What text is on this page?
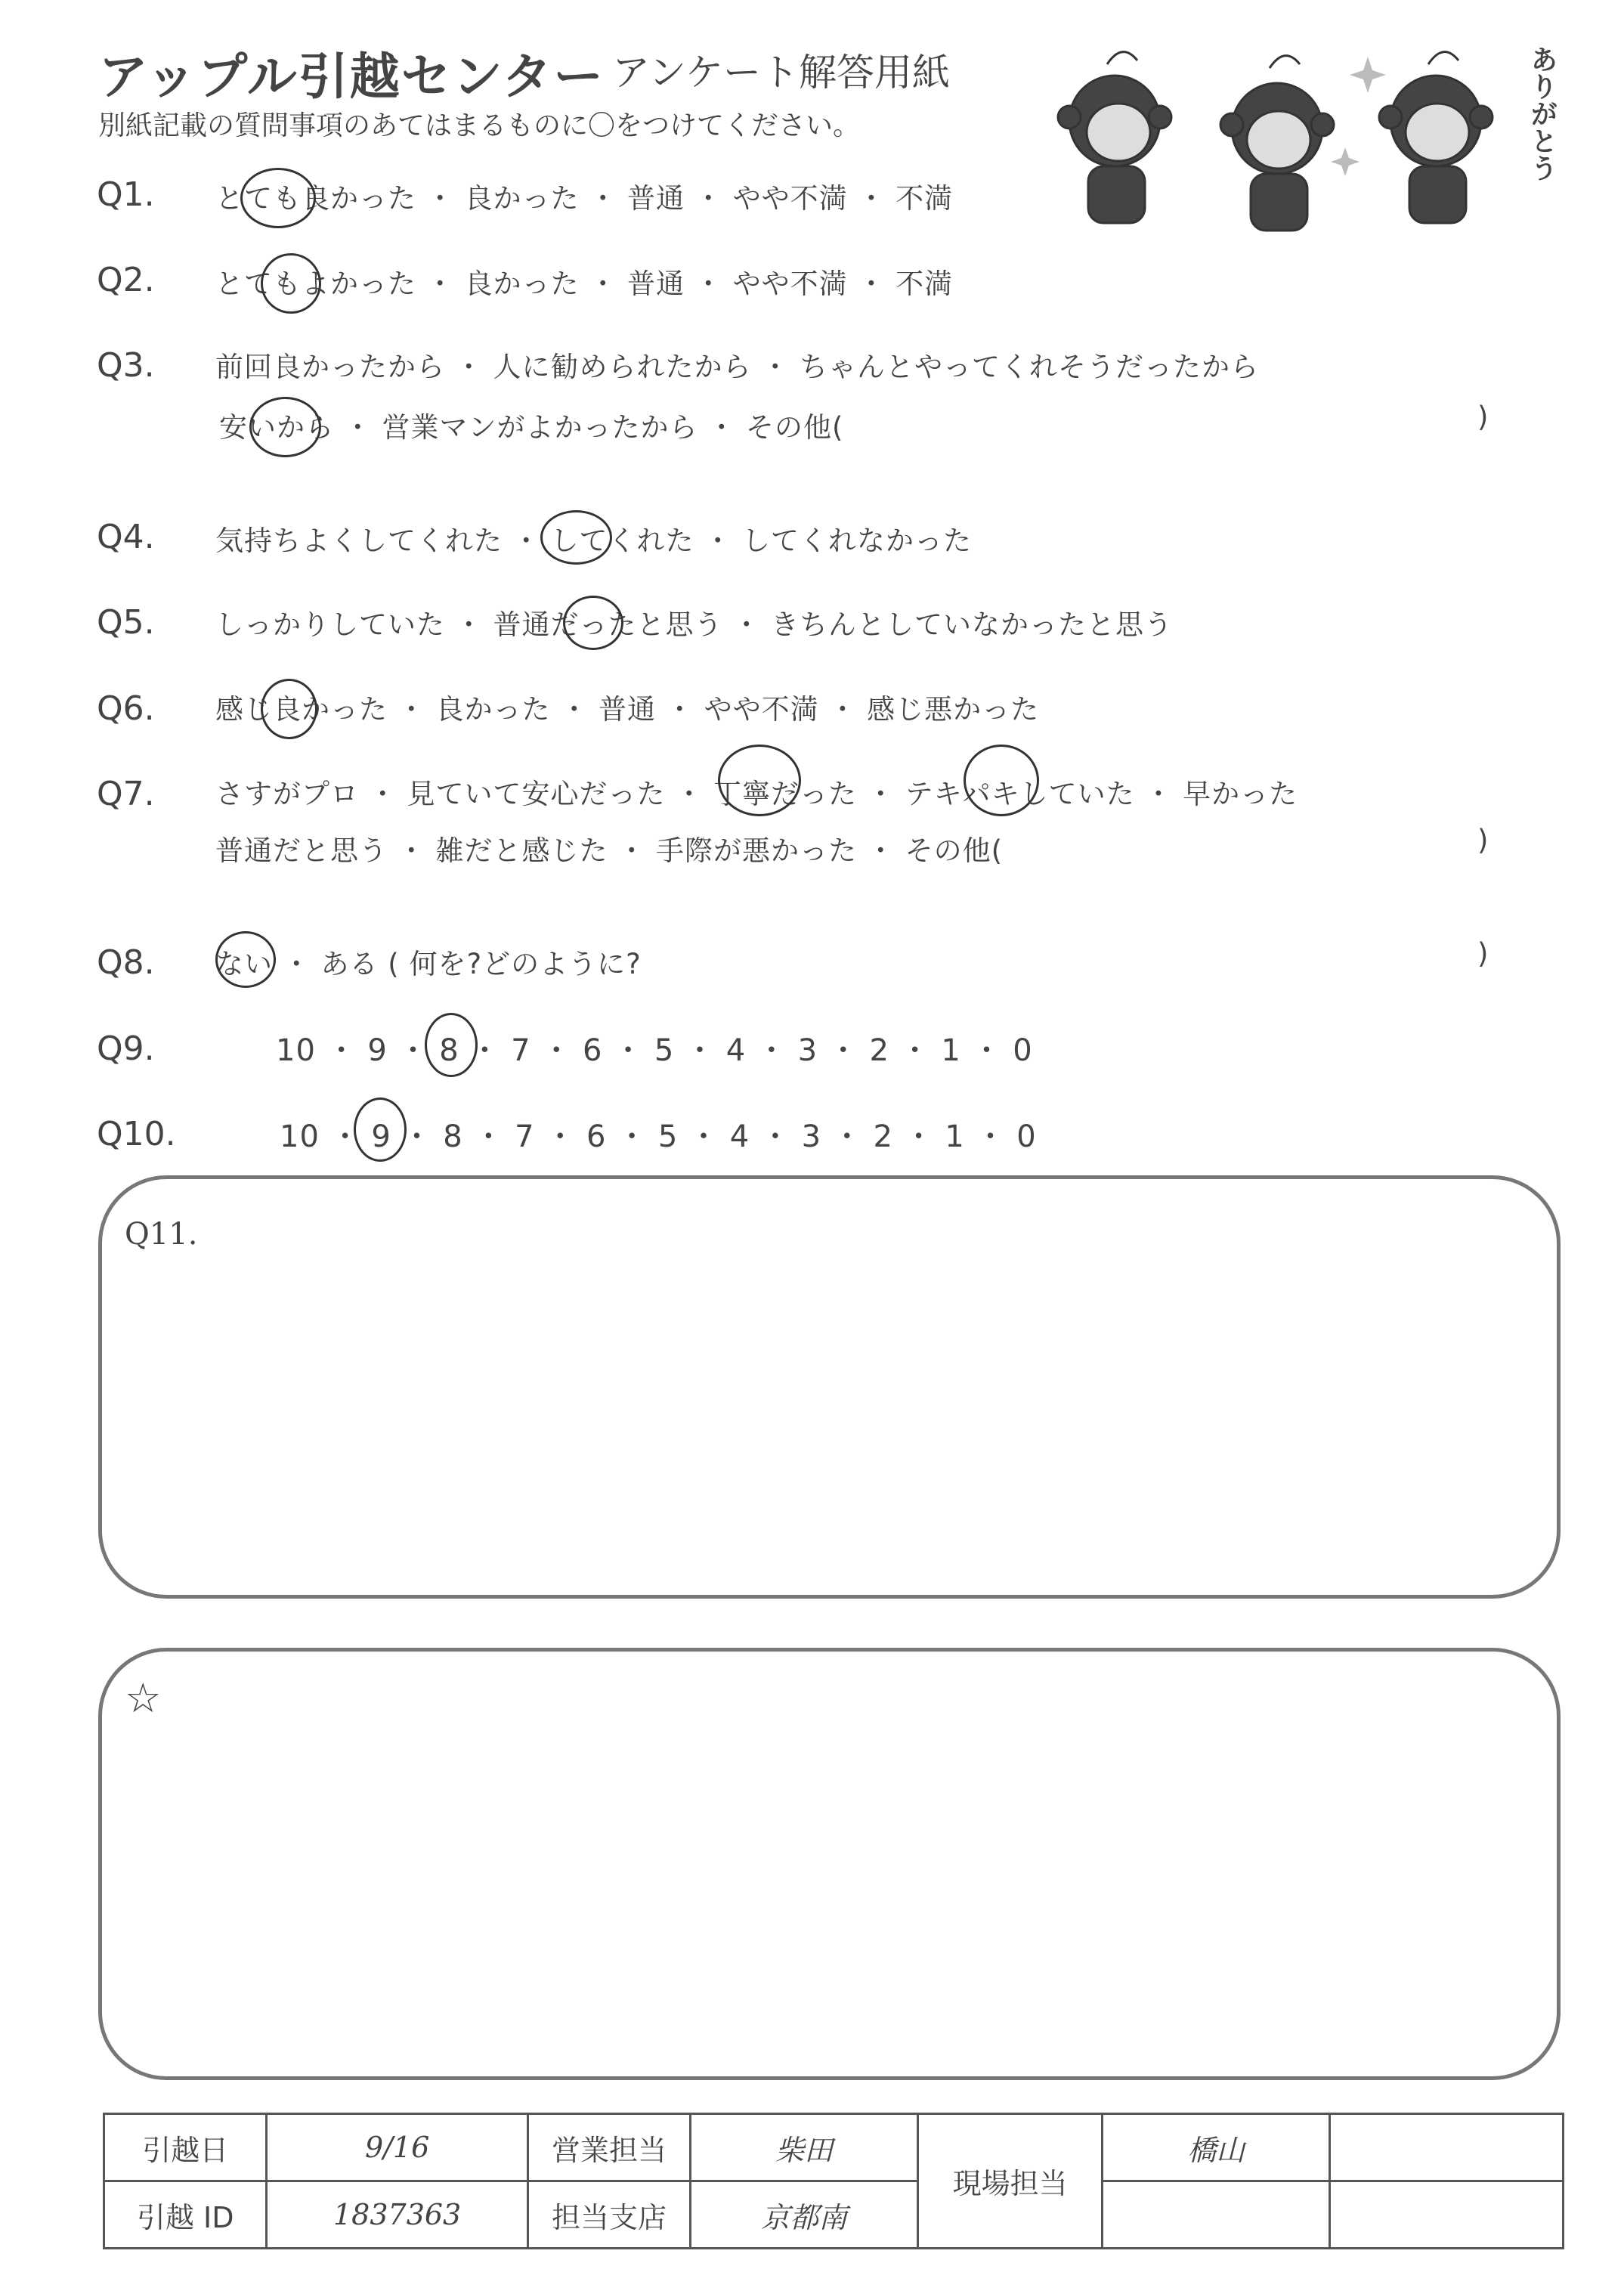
アップル引越センター アンケート解答用紙
別紙記載の質問事項のあてはまるものに〇をつけてください。	ありがとう
Q1. とても良かった ・ 良かった ・ 普通 ・ やや不満 ・ 不満
Q2. とてもよかった ・ 良かった ・ 普通 ・ やや不満 ・ 不満
Q3. 前回良かったから ・ 人に勧められたから ・ ちゃんとやってくれそうだったから
安いから ・ 営業マンがよかったから ・ その他(	)
Q4. 気持ちよくしてくれた ・ してくれた ・ してくれなかった
Q5. しっかりしていた ・ 普通だったと思う ・ きちんとしていなかったと思う
Q6. 感じ良かった ・ 良かった ・ 普通 ・ やや不満 ・ 感じ悪かった
Q7. さすがプロ ・ 見ていて安心だった ・ 丁寧だった ・ テキパキしていた ・ 早かった
普通だと思う ・ 雑だと感じた ・ 手際が悪かった ・ その他(	)
Q8. ない ・ ある ( 何を?どのように?	)
Q9.	10 ・ 9 ・ 8 ・ 7 ・ 6 ・ 5 ・ 4 ・ 3 ・ 2 ・ 1 ・ 0
Q10.	10 ・ 9 ・ 8 ・ 7 ・ 6 ・ 5 ・ 4 ・ 3 ・ 2 ・ 1 ・ 0
Q11.
☆
引越日	9/16	営業担当	柴田	現場担当	橋山	
引越 ID	1837363	担当支店	京都南			
